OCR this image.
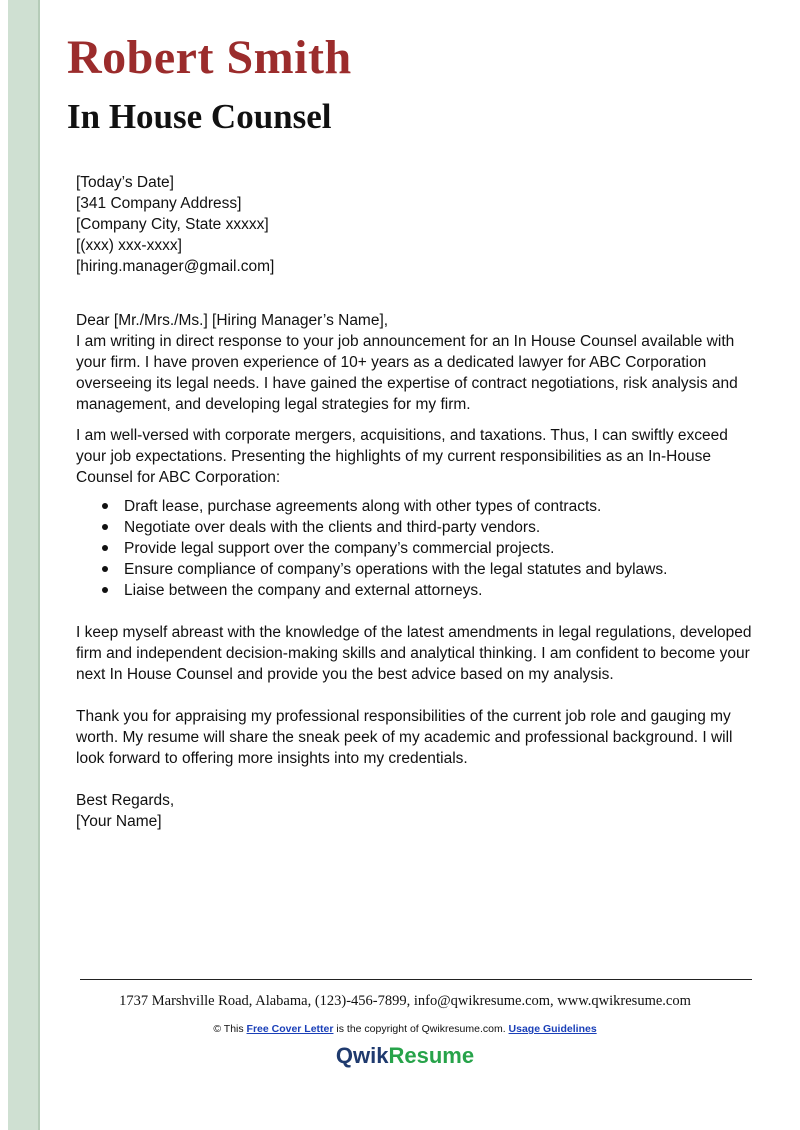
Robert Smith
In House Counsel

[Today’s Date]

[341 Company Address]
[Company City, State xxxxx]
[(xxx) xxx-xxxx]
[hiring.manager@gmail.com]

Dear [Mr./Mrs./Ms.] [Hiring Manager’s Name],

I am writing in direct response to your job announcement for an In House Counsel available with your firm. I have proven experience of 10+ years as a dedicated lawyer for ABC Corporation overseeing its legal needs. I have gained the expertise of contract negotiations, risk analysis and management, and developing legal strategies for my firm.

I am well-versed with corporate mergers, acquisitions, and taxations. Thus, I can swiftly exceed your job expectations. Presenting the highlights of my current responsibilities as an In-House Counsel for ABC Corporation:

Draft lease, purchase agreements along with other types of contracts.
Negotiate over deals with the clients and third-party vendors.
Provide legal support over the company’s commercial projects.
Ensure compliance of company’s operations with the legal statutes and bylaws.
Liaise between the company and external attorneys.

I keep myself abreast with the knowledge of the latest amendments in legal regulations, developed firm and independent decision-making skills and analytical thinking. I am confident to become your next In House Counsel and provide you the best advice based on my analysis.

Thank you for appraising my professional responsibilities of the current job role and gauging my worth. My resume will share the sneak peek of my academic and professional background. I will look forward to offering more insights into my credentials.

Best Regards,
[Your Name]
1737 Marshville Road, Alabama, (123)-456-7899, info@qwikresume.com, www.qwikresume.com
© This Free Cover Letter is the copyright of Qwikresume.com. Usage Guidelines
QwikResume
